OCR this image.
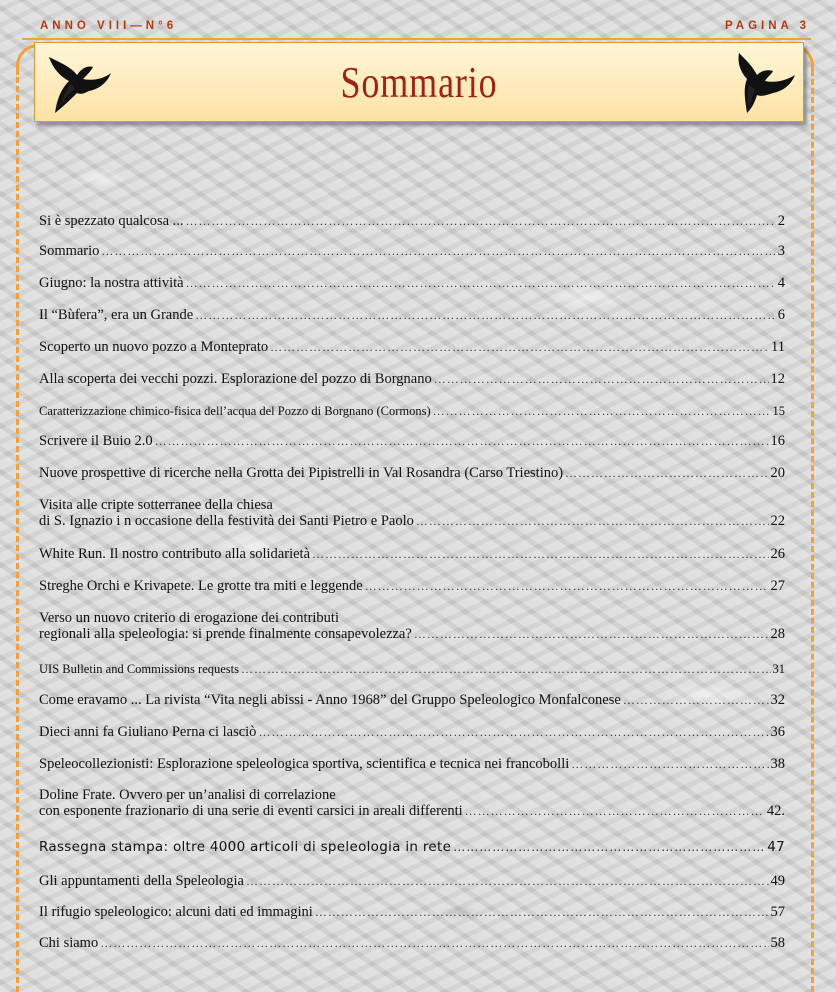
ANNO VIII—N°6	PAGINA 3
Sommario
Si è spezzato qualcosa ... ……………………………………………………………………………………………………………………………………………………………………………………	2
Sommario ……………………………………………………………………………………………………………………………………………………………………………………	3
Giugno: la nostra attività ……………………………………………………………………………………………………………………………………………………………………………………	4
Il “Bùfera”, era un Grande ……………………………………………………………………………………………………………………………………………………………………………………	6
Scoperto un nuovo pozzo a Monteprato ……………………………………………………………………………………………………………………………………………………………………………………	11
Alla scoperta dei vecchi pozzi. Esplorazione del pozzo di Borgnano ……………………………………………………………………………………………………………………………………………………………………………………	12
Caratterizzazione chimico-fisica dell’acqua del Pozzo di Borgnano (Cormons) ……………………………………………………………………………………………………………………………………………………………………………………	15
Scrivere il Buio 2.0 ……………………………………………………………………………………………………………………………………………………………………………………	16
Nuove prospettive di ricerche nella Grotta dei Pipistrelli in Val Rosandra (Carso Triestino) ……………………………………………………………………………………………………………………………………………………………………………………	20
Visita alle cripte sotterranee della chiesa
di S. Ignazio i n occasione della festività dei Santi Pietro e Paolo ……………………………………………………………………………………………………………………………………………………………………………………	22
White Run. Il nostro contributo alla solidarietà ……………………………………………………………………………………………………………………………………………………………………………………	26
Streghe Orchi e Krivapete. Le grotte tra miti e leggende ……………………………………………………………………………………………………………………………………………………………………………………	27
Verso un nuovo criterio di erogazione dei contributi
regionali alla speleologia: si prende finalmente consapevolezza? ……………………………………………………………………………………………………………………………………………………………………………………	28
UIS Bulletin and Commissions requests ……………………………………………………………………………………………………………………………………………………………………………………	31
Come eravamo ... La rivista “Vita negli abissi - Anno 1968” del Gruppo Speleologico Monfalconese ……………………………………………………………………………………………………………………………………………………………………………………	32
Dieci anni fa Giuliano Perna ci lasciò ……………………………………………………………………………………………………………………………………………………………………………………	36
Speleocollezionisti: Esplorazione speleologica sportiva, scientifica e tecnica nei francobolli ……………………………………………………………………………………………………………………………………………………………………………………	38
Doline Frate. Ovvero per un’analisi di correlazione
con esponente frazionario di una serie di eventi carsici in areali differenti ……………………………………………………………………………………………………………………………………………………………………………………	42.
Rassegna stampa: oltre 4000 articoli di speleologia in rete ……………………………………………………………………………………………………………………………………………………………………………………	47
Gli appuntamenti della Speleologia ……………………………………………………………………………………………………………………………………………………………………………………	49
Il rifugio speleologico: alcuni dati ed immagini ……………………………………………………………………………………………………………………………………………………………………………………	57
Chi siamo ……………………………………………………………………………………………………………………………………………………………………………………	58
